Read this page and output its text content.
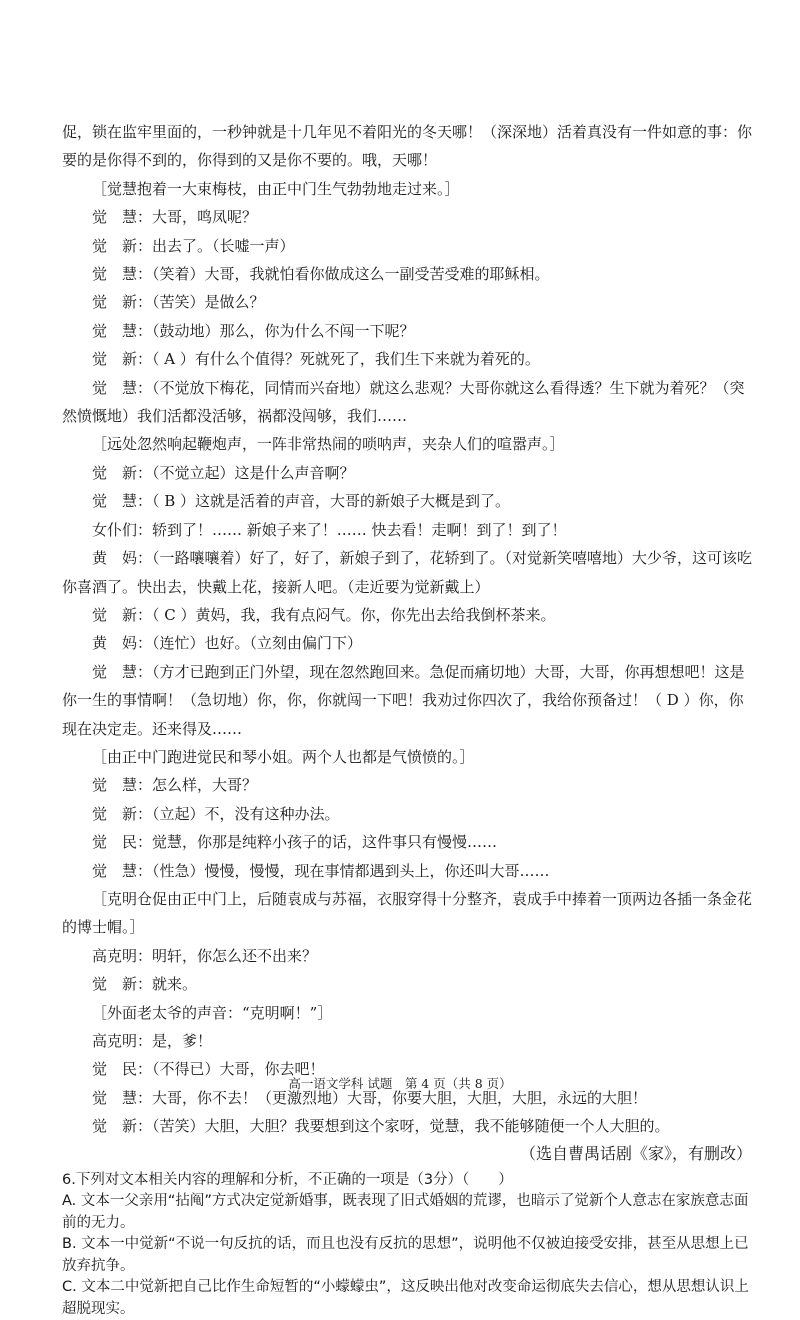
促，锁在监牢里面的，一秒钟就是十几年见不着阳光的冬天哪！（深深地）活着真没有一件如意的事：你要的是你得不到的，你得到的又是你不要的。哦，天哪！
［觉慧抱着一大束梅枝，由正中门生气勃勃地走过来。］
觉　慧：大哥，鸣凤呢？
觉　新：出去了。（长嘘一声）
觉　慧：（笑着）大哥，我就怕看你做成这么一副受苦受难的耶稣相。
觉　新：（苦笑）是做么？
觉　慧：（鼓动地）那么，你为什么不闯一下呢？
觉　新：（ A ）有什么个值得？死就死了，我们生下来就为着死的。
觉　慧：（不觉放下梅花，同情而兴奋地）就这么悲观？大哥你就这么看得透？生下就为着死？（突然愤慨地）我们活都没活够，祸都没闯够，我们……
［远处忽然响起鞭炮声，一阵非常热闹的唢呐声，夹杂人们的喧嚣声。］
觉　新：（不觉立起）这是什么声音啊？
觉　慧：（ B ）这就是活着的声音，大哥的新娘子大概是到了。
女仆们：轿到了！…… 新娘子来了！…… 快去看！走啊！到了！到了！
黄　妈：（一路嚷嚷着）好了，好了，新娘子到了，花轿到了。（对觉新笑嘻嘻地）大少爷，这可该吃你喜酒了。快出去，快戴上花，接新人吧。（走近要为觉新戴上）
觉　新：（ C ）黄妈，我，我有点闷气。你，你先出去给我倒杯茶来。
黄　妈：（连忙）也好。（立刻由偏门下）
觉　慧：（方才已跑到正门外望，现在忽然跑回来。急促而痛切地）大哥，大哥，你再想想吧！这是你一生的事情啊！（急切地）你，你，你就闯一下吧！我劝过你四次了，我给你预备过！（ D ）你，你现在决定走。还来得及……
［由正中门跑进觉民和琴小姐。两个人也都是气愤愤的。］
觉　慧：怎么样，大哥？
觉　新：（立起）不，没有这种办法。
觉　民：觉慧，你那是纯粹小孩子的话，这件事只有慢慢……
觉　慧：（性急）慢慢，慢慢，现在事情都遇到头上，你还叫大哥……
［克明仓促由正中门上，后随袁成与苏福，衣服穿得十分整齐，袁成手中捧着一顶两边各插一条金花的博士帽。］
高克明：明轩，你怎么还不出来？
觉　新：就来。
［外面老太爷的声音：“克明啊！”］
高克明：是，爹！
觉　民：（不得已）大哥，你去吧！
觉　慧：大哥，你不去！（更激烈地）大哥，你要大胆，大胆，大胆，永远的大胆！
觉　新：（苦笑）大胆，大胆？我要想到这个家呀，觉慧，我不能够随便一个人大胆的。
（选自曹禺话剧《家》，有删改）

6.下列对文本相关内容的理解和分析，不正确的一项是（3分）（　　）

A. 文本一父亲用“拈阄”方式决定觉新婚事，既表现了旧式婚姻的荒谬，也暗示了觉新个人意志在家族意志面前的无力。

B. 文本一中觉新“不说一句反抗的话，而且也没有反抗的思想”，说明他不仅被迫接受安排，甚至从思想上已放弃抗争。

C. 文本二中觉新把自己比作生命短暂的“小蠓蠓虫”，这反映出他对改变命运彻底失去信心，想从思想认识上超脱现实。

高一语文学科 试题　第 4 页（共 8 页）
